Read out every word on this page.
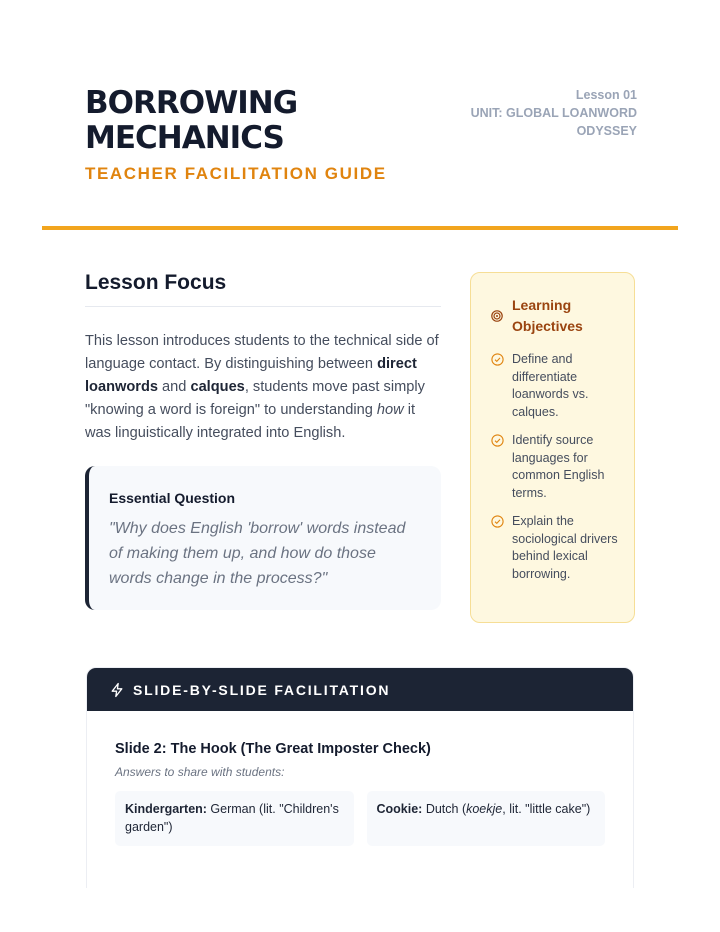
BORROWING
MECHANICS
TEACHER FACILITATION GUIDE
Lesson 01
UNIT: GLOBAL LOANWORD
ODYSSEY
Lesson Focus

This lesson introduces students to the technical side of language contact. By distinguishing between direct loanwords and calques, students move past simply "knowing a word is foreign" to understanding how it was linguistically integrated into English.

Essential Question

"Why does English 'borrow' words instead of making them up, and how do those words change in the process?"

Learning
Objectives
Define and differentiate loanwords vs. calques.
Identify source languages for common English terms.
Explain the sociological drivers behind lexical borrowing.
SLIDE-BY-SLIDE FACILITATION
Slide 2: The Hook (The Great Imposter Check)
Answers to share with students:
Kindergarten: German (lit. "Children's garden")
Cookie: Dutch (koekje, lit. "little cake")
